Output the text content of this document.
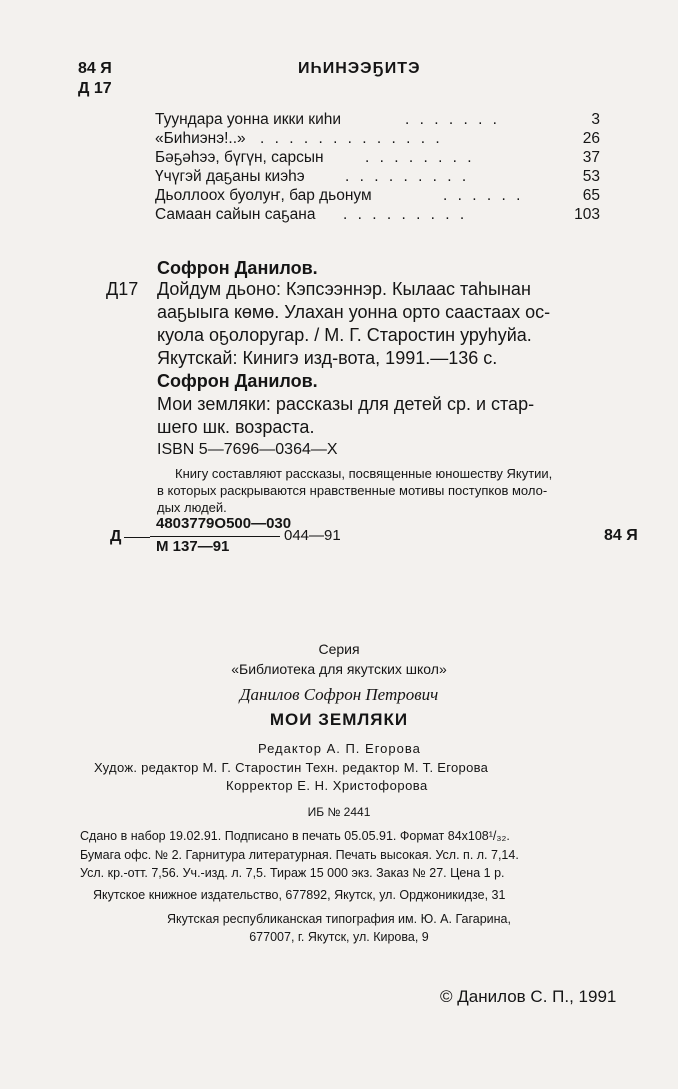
84 Я
Д 17
ИҺИНЭЭҔИТЭ
Туундара уонна икки киһи	. . . . . . .	3
«Биһиэнэ!..» . . . . . . . . . . . . .	26
Бәҕәһээ, бүгүн, сарсын	. . . . . . . .	37
Үчүгэй даҕаны киэһэ	. . . . . . . . .	53
Дьоллоох буолуҥ, бар дьонум	. . . . . .	65
Самаан сайын саҕана . . . . . . . . .	103
Софрон Данилов.
Д17 Дойдум дьоно: Кэпсээннэр. Кылаас таһынан
ааҕыыга көмө. Улахан уонна орто саастаах ос-
куола оҕолоругар. / М. Г. Старостин уруһуйа.
Якутскай: Кинигэ изд-вота, 1991.—136 с.
Софрон Данилов.
Мои земляки: рассказы для детей ср. и стар-
шего шк. возраста.
ISBN 5—7696—0364—X
Книгу составляют рассказы, посвященные юношеству Якутии,
в которых раскрываются нравственные мотивы поступков моло-
дых людей.
Д
4803779О500—030
М 137—91
044—91	84 Я
Серия
«Библиотека для якутских школ»
Данилов Софрон Петрович
МОИ ЗЕМЛЯКИ
Редактор А. П. Егорова
Худож. редактор М. Г. Старостин Техн. редактор М. Т. Егорова
Корректор Е. Н. Христофорова
ИБ № 2441
Сдано в набор 19.02.91. Подписано в печать 05.05.91. Формат 84х108¹/₃₂.
Бумага офс. № 2. Гарнитура литературная. Печать высокая. Усл. п. л. 7,14.
Усл. кр.-отт. 7,56. Уч.-изд. л. 7,5. Тираж 15 000 экз. Заказ № 27. Цена 1 р.
Якутское книжное издательство, 677892, Якутск, ул. Орджоникидзе, 31
Якутская республиканская типография им. Ю. А. Гагарина,
677007, г. Якутск, ул. Кирова, 9
© Данилов С. П., 1991
